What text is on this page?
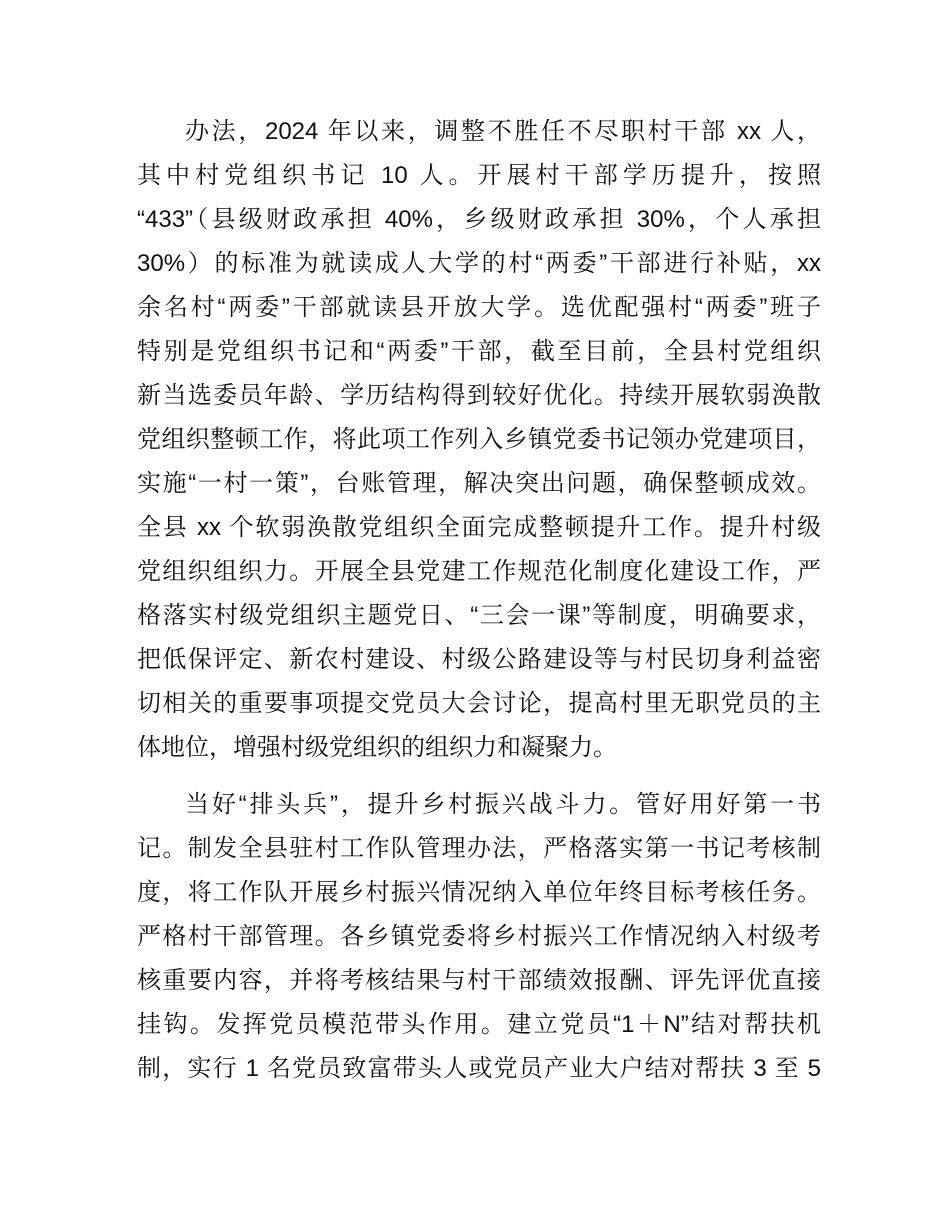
办法，2024 年以来，调整不胜任不尽职村干部 xx 人，
其中村党组织书记 10 人。开展村干部学历提升，按照
“433”（县级财政承担 40%，乡级财政承担 30%，个人承担
30%）的标准为就读成人大学的村“两委”干部进行补贴，xx
余名村“两委”干部就读县开放大学。选优配强村“两委”班子
特别是党组织书记和“两委”干部，截至目前，全县村党组织
新当选委员年龄、学历结构得到较好优化。持续开展软弱涣散
党组织整顿工作，将此项工作列入乡镇党委书记领办党建项目，
实施“一村一策”，台账管理，解决突出问题，确保整顿成效。
全县 xx 个软弱涣散党组织全面完成整顿提升工作。提升村级
党组织组织力。开展全县党建工作规范化制度化建设工作，严
格落实村级党组织主题党日、“三会一课”等制度，明确要求，
把低保评定、新农村建设、村级公路建设等与村民切身利益密
切相关的重要事项提交党员大会讨论，提高村里无职党员的主
体地位，增强村级党组织的组织力和凝聚力。
当好“排头兵”，提升乡村振兴战斗力。管好用好第一书
记。制发全县驻村工作队管理办法，严格落实第一书记考核制
度，将工作队开展乡村振兴情况纳入单位年终目标考核任务。
严格村干部管理。各乡镇党委将乡村振兴工作情况纳入村级考
核重要内容，并将考核结果与村干部绩效报酬、评先评优直接
挂钩。发挥党员模范带头作用。建立党员“1＋N”结对帮扶机
制，实行 1 名党员致富带头人或党员产业大户结对帮扶 3 至 5
